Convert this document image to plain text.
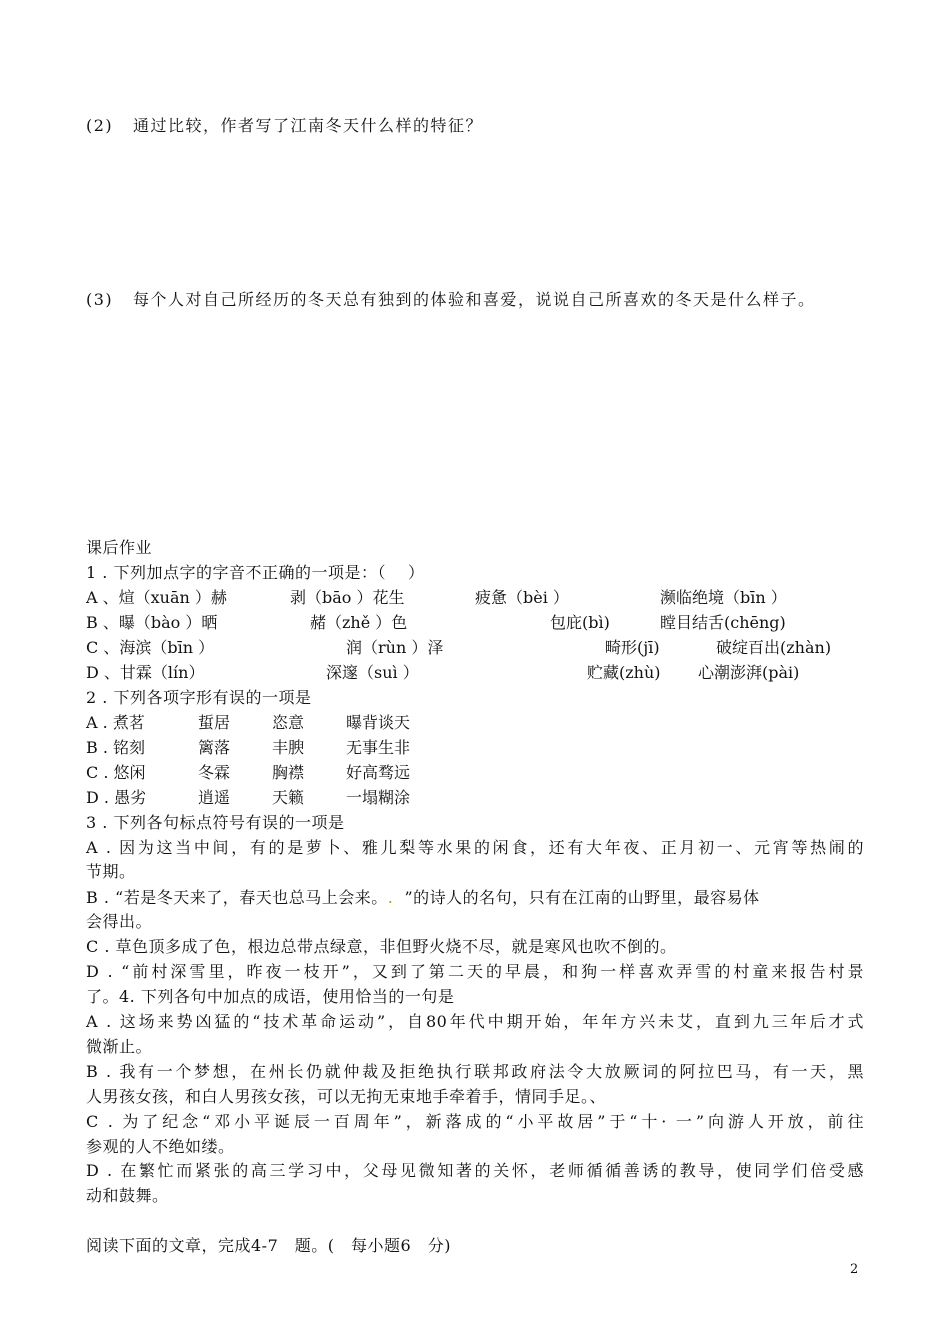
(2) 通过比较，作者写了江南冬天什么样的特征？
(3) 每个人对自己所经历的冬天总有独到的体验和喜爱，说说自己所喜欢的冬天是什么样子。
课后作业
1 . 下列加点字的字音不正确的一项是：（　 ）
A 、煊（xuān ）赫	剥（bāo ）花生	疲惫（bèi ）	濒临绝境（bīn ）
B 、曝（bào ）晒	赭（zhě ）色	包庇(bì)	瞠目结舌(chēng)
C 、海滨（bīn ）	润（rùn ）泽	畸形(jī)	破绽百出(zhàn)
D 、甘霖（lín）	深邃（suì ）	贮藏(zhù) 心潮澎湃(pài)
2 . 下列各项字形有误的一项是
A . 煮茗	蜇居	恣意	曝背谈天
B . 铭刻	篱落	丰腴	无事生非
C . 悠闲	冬霖	胸襟	好高骛远
D . 愚劣	逍遥	天籁	一塌糊涂
3 . 下列各句标点符号有误的一项是
A . 因为这当中间，有的是萝卜、雅儿梨等水果的闲食，还有大年夜、正月初一、元宵等热闹的
节期。
B . “若是冬天来了，春天也总马上会来。. ”的诗人的名句，只有在江南的山野里，最容易体
会得出。
C . 草色顶多成了色，根边总带点绿意，非但野火烧不尽，就是寒风也吹不倒的。
D . “前村深雪里，昨夜一枝开”，又到了第二天的早晨，和狗一样喜欢弄雪的村童来报告村景
了。4. 下列各句中加点的成语，使用恰当的一句是
A . 这场来势凶猛的“技术革命运动”，自80年代中期开始，年年方兴未艾，直到九三年后才式
微渐止。
B . 我有一个梦想，在州长仍就仲裁及拒绝执行联邦政府法令大放厥词的阿拉巴马，有一天，黑
人男孩女孩，和白人男孩女孩，可以无拘无束地手牵着手，情同手足。、
C . 为了纪念“邓小平诞辰一百周年”，新落成的“小平故居”于“十· 一”向游人开放，前往
参观的人不绝如缕。
D . 在繁忙而紧张的高三学习中，父母见微知著的关怀，老师循循善诱的教导，使同学们倍受感
动和鼓舞。
阅读下面的文章，完成4-7　题。(　每小题6　分)
2
